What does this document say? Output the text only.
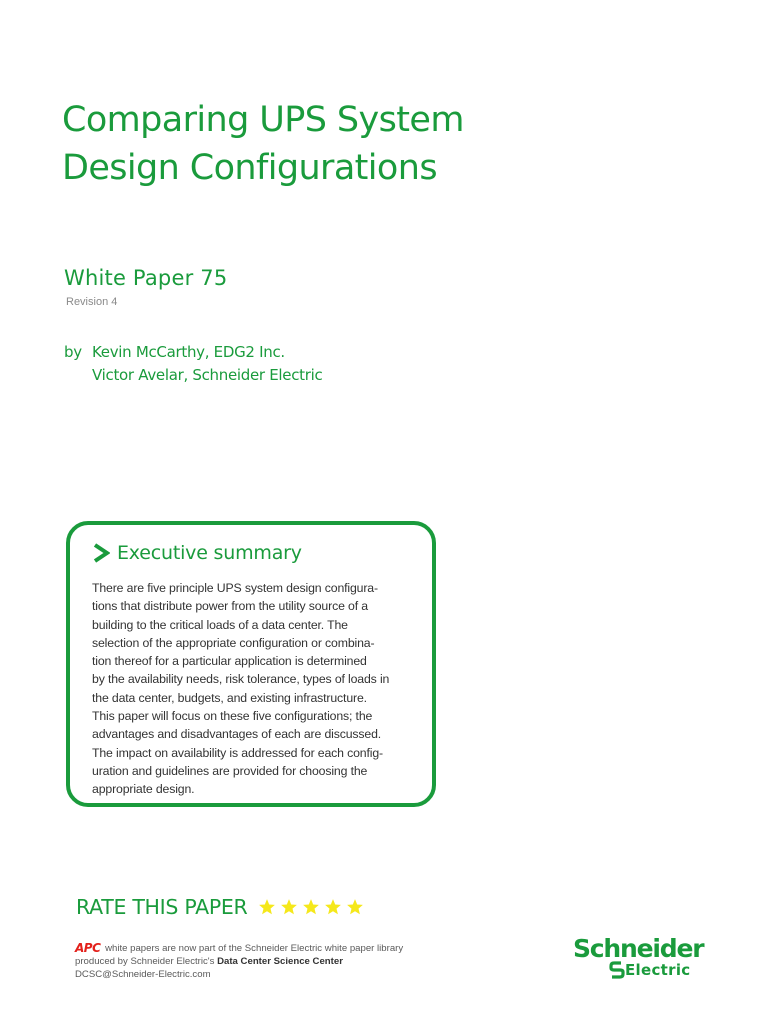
Comparing UPS System
Design Configurations
White Paper 75
Revision 4
by Kevin McCarthy, EDG2 Inc.
Victor Avelar, Schneider Electric
Executive summary
There are five principle UPS system design configura-
tions that distribute power from the utility source of a
building to the critical loads of a data center. The
selection of the appropriate configuration or combina-
tion thereof for a particular application is determined
by the availability needs, risk tolerance, types of loads in
the data center, budgets, and existing infrastructure.
This paper will focus on these five configurations; the
advantages and disadvantages of each are discussed.
The impact on availability is addressed for each config-
uration and guidelines are provided for choosing the
appropriate design.
RATE THIS PAPER
APC white papers are now part of the Schneider Electric white paper library
produced by Schneider Electric's Data Center Science Center
DCSC@Schneider-Electric.com
Schneider
Electric
